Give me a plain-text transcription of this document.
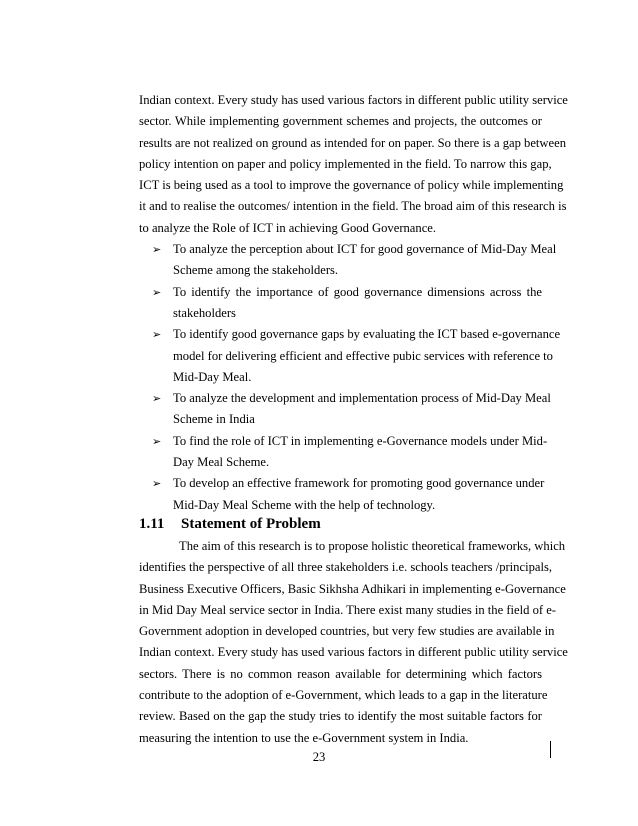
Indian context. Every study has used various factors in different public utility service
sector. While implementing government schemes and projects, the outcomes or
results are not realized on ground as intended for on paper. So there is a gap between
policy intention on paper and policy implemented in the field. To narrow this gap,
ICT is being used as a tool to improve the governance of policy while implementing
it and to realise the outcomes/ intention in the field. The broad aim of this research is
to analyze the Role of ICT in achieving Good Governance.
➢ To analyze the perception about ICT for good governance of Mid-Day Meal
Scheme among the stakeholders.
➢ To identify the importance of good governance dimensions across the
stakeholders
➢ To identify good governance gaps by evaluating the ICT based e-governance
model for delivering efficient and effective pubic services with reference to
Mid-Day Meal.
➢ To analyze the development and implementation process of Mid-Day Meal
Scheme in India
➢ To find the role of ICT in implementing e-Governance models under Mid-
Day Meal Scheme.
➢ To develop an effective framework for promoting good governance under
Mid-Day Meal Scheme with the help of technology.
1.11 Statement of Problem
The aim of this research is to propose holistic theoretical frameworks, which
identifies the perspective of all three stakeholders i.e. schools teachers /principals,
Business Executive Officers, Basic Sikhsha Adhikari in implementing e-Governance
in Mid Day Meal service sector in India. There exist many studies in the field of e-
Government adoption in developed countries, but very few studies are available in
Indian context. Every study has used various factors in different public utility service
sectors. There is no common reason available for determining which factors
contribute to the adoption of e-Government, which leads to a gap in the literature
review. Based on the gap the study tries to identify the most suitable factors for
measuring the intention to use the e-Government system in India.
23
